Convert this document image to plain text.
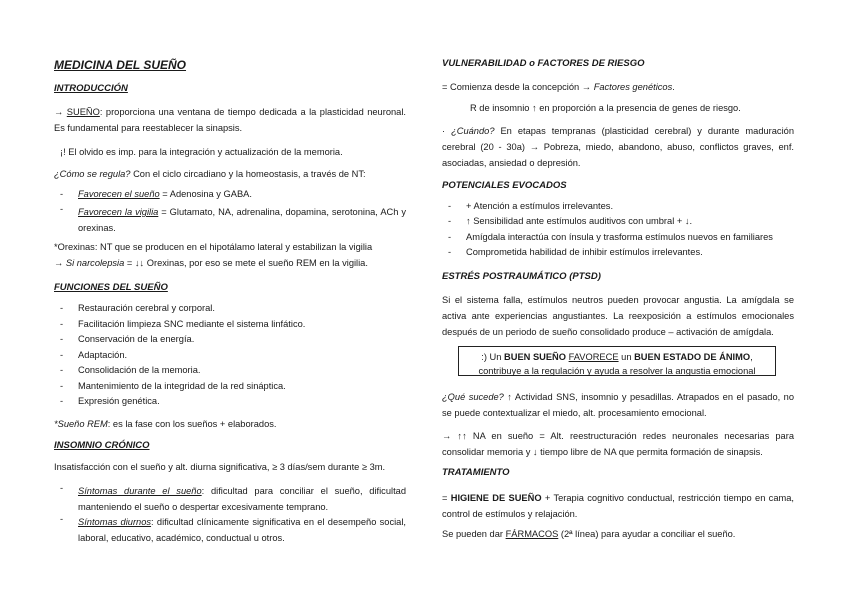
MEDICINA DEL SUEÑO
INTRODUCCIÓN
→ SUEÑO: proporciona una ventana de tiempo dedicada a la plasticidad neuronal. Es fundamental para reestablecer la sinapsis.
¡! El olvido es imp. para la integración y actualización de la memoria.
¿Cómo se regula? Con el ciclo circadiano y la homeostasis, a través de NT:
- Favorecen el sueño = Adenosina y GABA.
- Favorecen la vigilia = Glutamato, NA, adrenalina, dopamina, serotonina, ACh y orexinas.
*Orexinas: NT que se producen en el hipotálamo lateral y estabilizan la vigilia
→ Si narcolepsia = ↓↓ Orexinas, por eso se mete el sueño REM en la vigilia.
FUNCIONES DEL SUEÑO
- Restauración cerebral y corporal.
- Facilitación limpieza SNC mediante el sistema linfático.
- Conservación de la energía.
- Adaptación.
- Consolidación de la memoria.
- Mantenimiento de la integridad de la red sináptica.
- Expresión genética.
*Sueño REM: es la fase con los sueños + elaborados.
INSOMNIO CRÓNICO
Insatisfacción con el sueño y alt. diurna significativa, ≥ 3 días/sem durante ≥ 3m.
- Síntomas durante el sueño: dificultad para conciliar el sueño, dificultad manteniendo el sueño o despertar excesivamente temprano.
- Síntomas diurnos: dificultad clínicamente significativa en el desempeño social, laboral, educativo, académico, conductual u otros.
VULNERABILIDAD o FACTORES DE RIESGO
= Comienza desde la concepción → Factores genéticos.
R de insomnio ↑ en proporción a la presencia de genes de riesgo.
· ¿Cuándo? En etapas tempranas (plasticidad cerebral) y durante maduración cerebral (20 - 30a) → Pobreza, miedo, abandono, abuso, conflictos graves, enf. asociadas, ansiedad o depresión.
POTENCIALES EVOCADOS
- + Atención a estímulos irrelevantes.
- ↑ Sensibilidad ante estímulos auditivos con umbral + ↓.
- Amígdala interactúa con ínsula y trasforma estímulos nuevos en familiares
- Comprometida habilidad de inhibir estímulos irrelevantes.
ESTRÉS POSTRAUMÁTICO (PTSD)
Si el sistema falla, estímulos neutros pueden provocar angustia. La amígdala se activa ante experiencias angustiantes. La reexposición a estímulos emocionales después de un periodo de sueño consolidado produce – activación de amígdala.
:) Un BUEN SUEÑO FAVORECE un BUEN ESTADO DE ÁNIMO,
contribuye a la regulación y ayuda a resolver la angustia emocional
¿Qué sucede? ↑ Actividad SNS, insomnio y pesadillas. Atrapados en el pasado, no se puede contextualizar el miedo, alt. procesamiento emocional.
→ ↑↑ NA en sueño = Alt. reestructuración redes neuronales necesarias para consolidar memoria y ↓ tiempo libre de NA que permita formación de sinapsis.
TRATAMIENTO
= HIGIENE DE SUEÑO + Terapia cognitivo conductual, restricción tiempo en cama, control de estímulos y relajación.
Se pueden dar FÁRMACOS (2ª línea) para ayudar a conciliar el sueño.
